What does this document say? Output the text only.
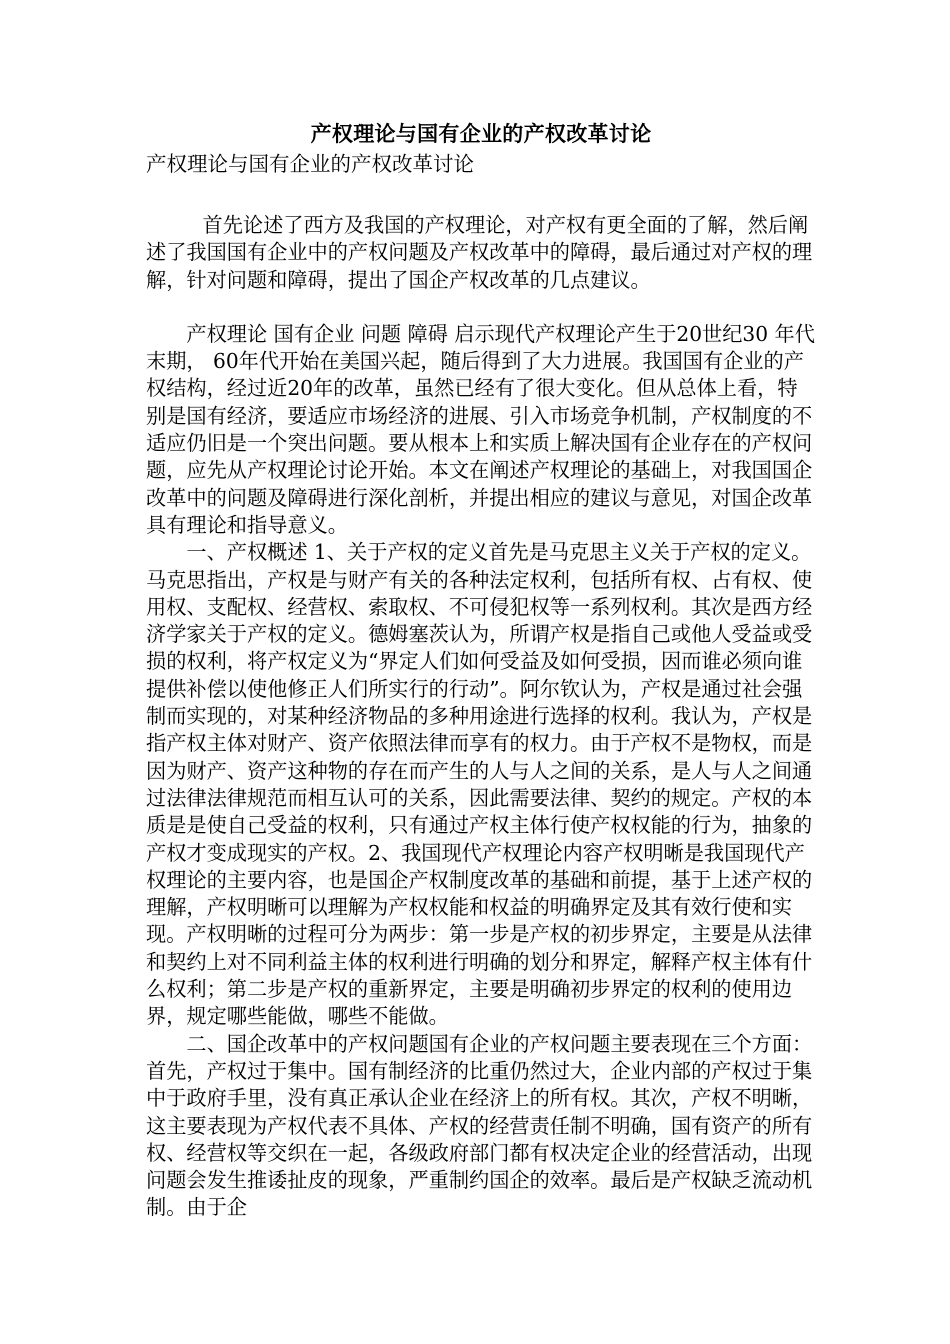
产权理论与国有企业的产权改革讨论

产权理论与国有企业的产权改革讨论

首先论述了西方及我国的产权理论，对产权有更全面的了解，然后阐述了我国国有企业中的产权问题及产权改革中的障碍，最后通过对产权的理解，针对问题和障碍，提出了国企产权改革的几点建议。

产权理论 国有企业 问题 障碍 启示现代产权理论产生于20世纪30 年代末期， 60年代开始在美国兴起，随后得到了大力进展。我国国有企业的产权结构，经过近20年的改革，虽然已经有了很大变化。但从总体上看，特别是国有经济，要适应市场经济的进展、引入市场竞争机制，产权制度的不适应仍旧是一个突出问题。要从根本上和实质上解决国有企业存在的产权问题，应先从产权理论讨论开始。本文在阐述产权理论的基础上，对我国国企改革中的问题及障碍进行深化剖析，并提出相应的建议与意见，对国企改革具有理论和指导意义。

一、产权概述 1、关于产权的定义首先是马克思主义关于产权的定义。马克思指出，产权是与财产有关的各种法定权利，包括所有权、占有权、使用权、支配权、经营权、索取权、不可侵犯权等一系列权利。其次是西方经济学家关于产权的定义。德姆塞茨认为，所谓产权是指自己或他人受益或受损的权利，将产权定义为“界定人们如何受益及如何受损，因而谁必须向谁提供补偿以使他修正人们所实行的行动”。阿尔钦认为，产权是通过社会强制而实现的，对某种经济物品的多种用途进行选择的权利。我认为，产权是指产权主体对财产、资产依照法律而享有的权力。由于产权不是物权，而是因为财产、资产这种物的存在而产生的人与人之间的关系，是人与人之间通过法律法律规范而相互认可的关系，因此需要法律、契约的规定。产权的本质是是使自己受益的权利，只有通过产权主体行使产权权能的行为，抽象的产权才变成现实的产权。2、我国现代产权理论内容产权明晰是我国现代产权理论的主要内容，也是国企产权制度改革的基础和前提，基于上述产权的理解，产权明晰可以理解为产权权能和权益的明确界定及其有效行使和实现。产权明晰的过程可分为两步：第一步是产权的初步界定，主要是从法律和契约上对不同利益主体的权利进行明确的划分和界定，解释产权主体有什么权利；第二步是产权的重新界定，主要是明确初步界定的权利的使用边界，规定哪些能做，哪些不能做。

二、国企改革中的产权问题国有企业的产权问题主要表现在三个方面：首先，产权过于集中。国有制经济的比重仍然过大，企业内部的产权过于集中于政府手里，没有真正承认企业在经济上的所有权。其次，产权不明晰，这主要表现为产权代表不具体、产权的经营责任制不明确，国有资产的所有权、经营权等交织在一起，各级政府部门都有权决定企业的经营活动，出现问题会发生推诿扯皮的现象，严重制约国企的效率。最后是产权缺乏流动机制。由于企
